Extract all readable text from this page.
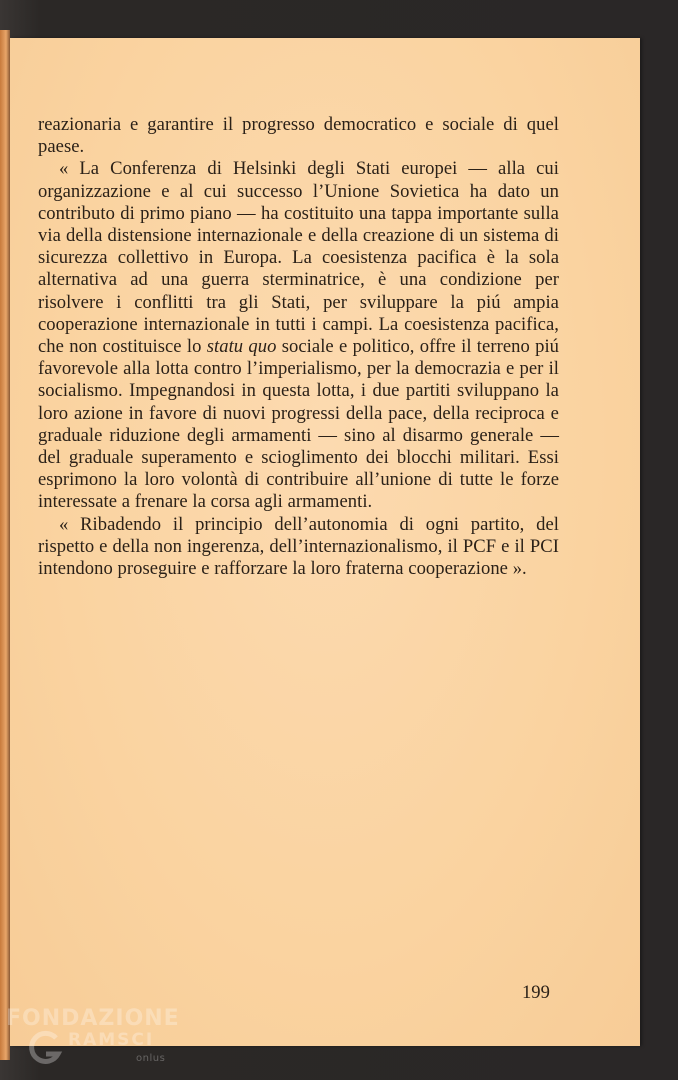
reazionaria e garantire il progresso democratico e sociale di quel paese.

« La Conferenza di Helsinki degli Stati europei — alla cui organizzazione e al cui successo l’Unione Sovietica ha dato un contributo di primo piano — ha costituito una tappa importante sulla via della distensione internazionale e della creazione di un sistema di sicurezza collettivo in Europa. La coesistenza pacifica è la sola alternativa ad una guerra sterminatrice, è una condizione per risolvere i conflitti tra gli Stati, per sviluppare la piú ampia cooperazione internazionale in tutti i campi. La coesistenza pacifica, che non costituisce lo statu quo sociale e politico, offre il terreno piú favorevole alla lotta contro l’imperialismo, per la democrazia e per il socialismo. Impegnandosi in questa lotta, i due partiti sviluppano la loro azione in favore di nuovi progressi della pace, della reciproca e graduale riduzione degli armamenti — sino al disarmo generale — del graduale superamento e scioglimento dei blocchi militari. Essi esprimono la loro volontà di contribuire all’unione di tutte le forze interessate a frenare la corsa agli armamenti.

« Ribadendo il principio dell’autonomia di ogni partito, del rispetto e della non ingerenza, dell’internazionalismo, il PCF e il PCI intendono proseguire e rafforzare la loro fraterna cooperazione ».

199
FONDAZIONE
RAMSCI
onlus
